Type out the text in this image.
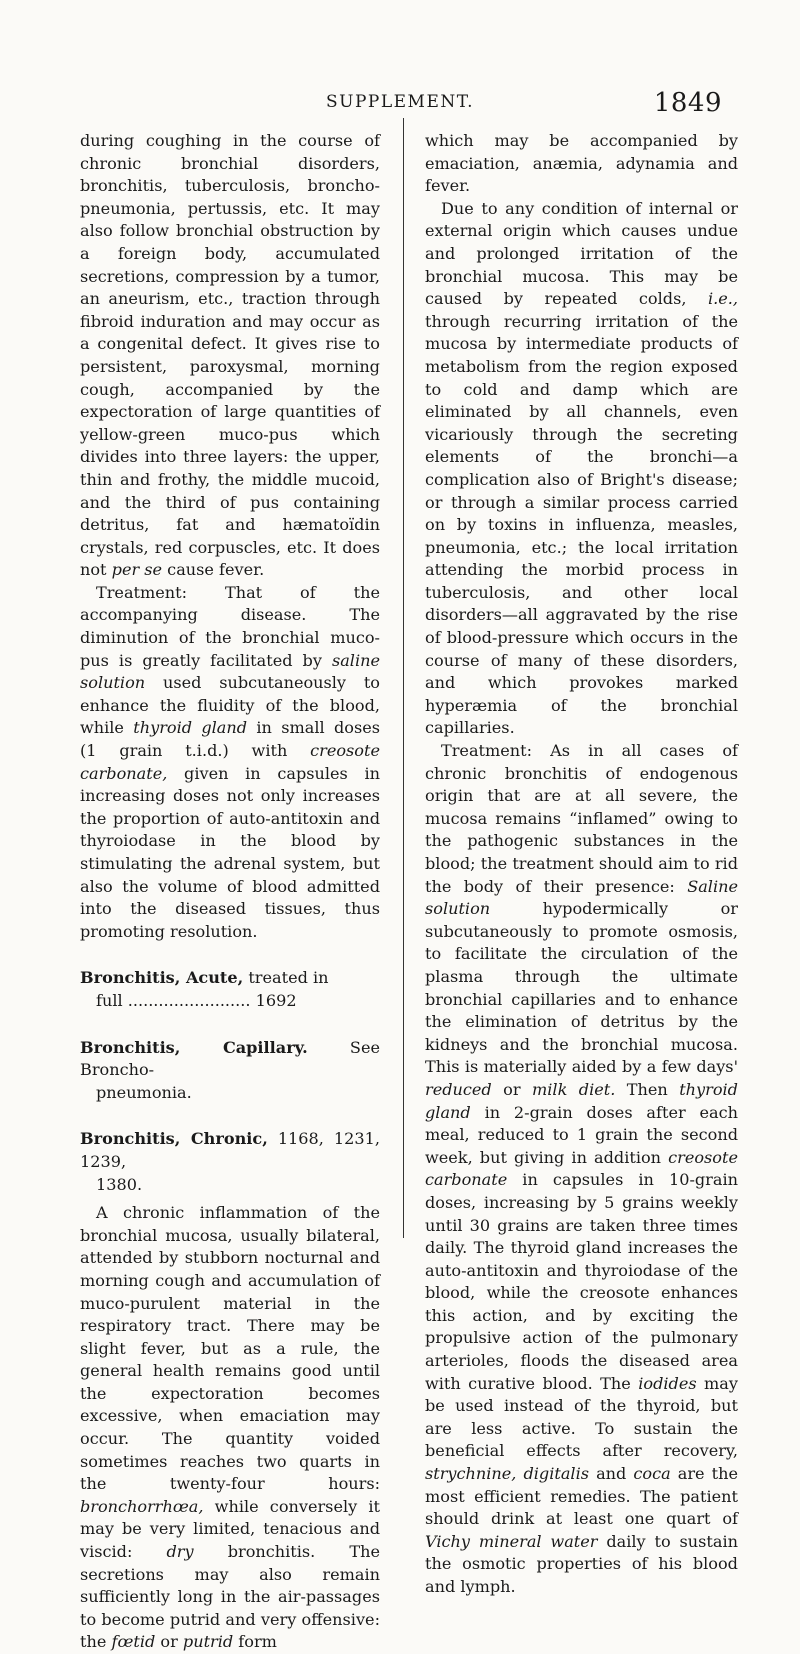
SUPPLEMENT.	1849

during coughing in the course of chronic bronchial disorders, bronchitis, tuberculosis, broncho-pneumonia, pertussis, etc. It may also follow bronchial obstruction by a foreign body, accumulated secretions, compression by a tumor, an aneurism, etc., traction through fibroid induration and may occur as a congenital defect. It gives rise to persistent, paroxysmal, morning cough, accompanied by the expectoration of large quantities of yellow-green muco-pus which divides into three layers: the upper, thin and frothy, the middle mucoid, and the third of pus containing detritus, fat and hæmatoïdin crystals, red corpuscles, etc. It does not per se cause fever.

Treatment: That of the accompanying disease. The diminution of the bronchial muco-pus is greatly facilitated by saline solution used subcutaneously to enhance the fluidity of the blood, while thyroid gland in small doses (1 grain t.i.d.) with creosote carbonate, given in capsules in increasing doses not only increases the proportion of auto-antitoxin and thyroiodase in the blood by stimulating the adrenal system, but also the volume of blood admitted into the diseased tissues, thus promoting resolution.

Bronchitis, Acute, treated in
full ........................ 1692
Bronchitis, Capillary. See Broncho-
pneumonia.
Bronchitis, Chronic, 1168, 1231, 1239,
1380.

A chronic inflammation of the bronchial mucosa, usually bilateral, attended by stubborn nocturnal and morning cough and accumulation of muco-purulent material in the respiratory tract. There may be slight fever, but as a rule, the general health remains good until the expectoration becomes excessive, when emaciation may occur. The quantity voided sometimes reaches two quarts in the twenty-four hours: bronchorrhœa, while conversely it may be very limited, tenacious and viscid: dry bronchitis. The secretions may also remain sufficiently long in the air-passages to become putrid and very offensive: the fœtid or putrid form

which may be accompanied by emaciation, anæmia, adynamia and fever.

Due to any condition of internal or external origin which causes undue and prolonged irritation of the bronchial mucosa. This may be caused by repeated colds, i.e., through recurring irritation of the mucosa by intermediate products of metabolism from the region exposed to cold and damp which are eliminated by all channels, even vicariously through the secreting elements of the bronchi—a complication also of Bright's disease; or through a similar process carried on by toxins in influenza, measles, pneumonia, etc.; the local irritation attending the morbid process in tuberculosis, and other local disorders—all aggravated by the rise of blood-pressure which occurs in the course of many of these disorders, and which provokes marked hyperæmia of the bronchial capillaries.

Treatment: As in all cases of chronic bronchitis of endogenous origin that are at all severe, the mucosa remains “inflamed” owing to the pathogenic substances in the blood; the treatment should aim to rid the body of their presence: Saline solution hypodermically or subcutaneously to promote osmosis, to facilitate the circulation of the plasma through the ultimate bronchial capillaries and to enhance the elimination of detritus by the kidneys and the bronchial mucosa. This is materially aided by a few days' reduced or milk diet. Then thyroid gland in 2-grain doses after each meal, reduced to 1 grain the second week, but giving in addition creosote carbonate in capsules in 10-grain doses, increasing by 5 grains weekly until 30 grains are taken three times daily. The thyroid gland increases the auto-antitoxin and thyroiodase of the blood, while the creosote enhances this action, and by exciting the propulsive action of the pulmonary arterioles, floods the diseased area with curative blood. The iodides may be used instead of the thyroid, but are less active. To sustain the beneficial effects after recovery, strychnine, digitalis and coca are the most efficient remedies. The patient should drink at least one quart of Vichy mineral water daily to sustain the osmotic properties of his blood and lymph.
